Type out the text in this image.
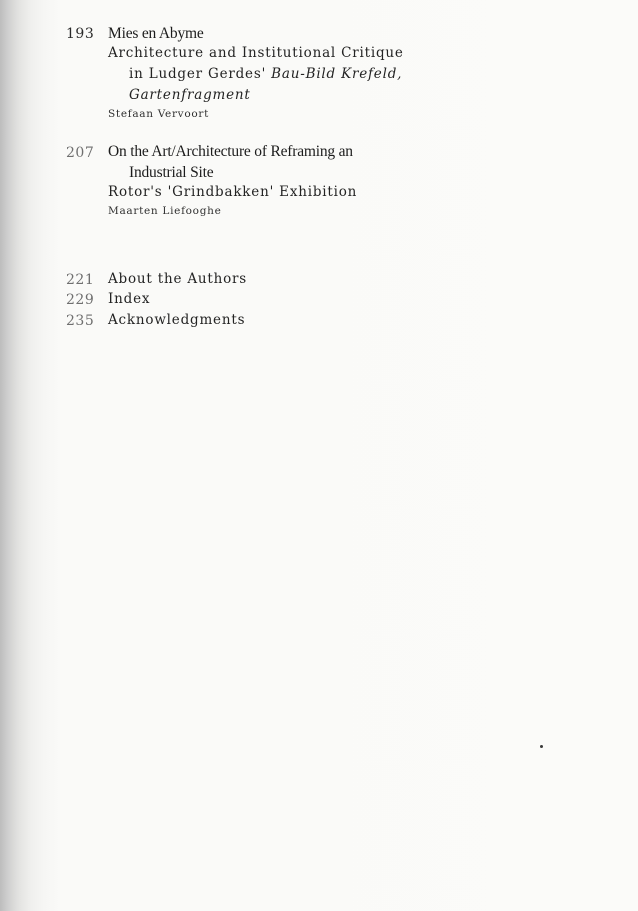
193 Mies en Abyme
Architecture and Institutional Critique
in Ludger Gerdes' Bau-Bild Krefeld,
Gartenfragment
Stefaan Vervoort
207 On the Art/Architecture of Reframing an
Industrial Site
Rotor's 'Grindbakken' Exhibition
Maarten Liefooghe
221 About the Authors
229 Index
235 Acknowledgments
